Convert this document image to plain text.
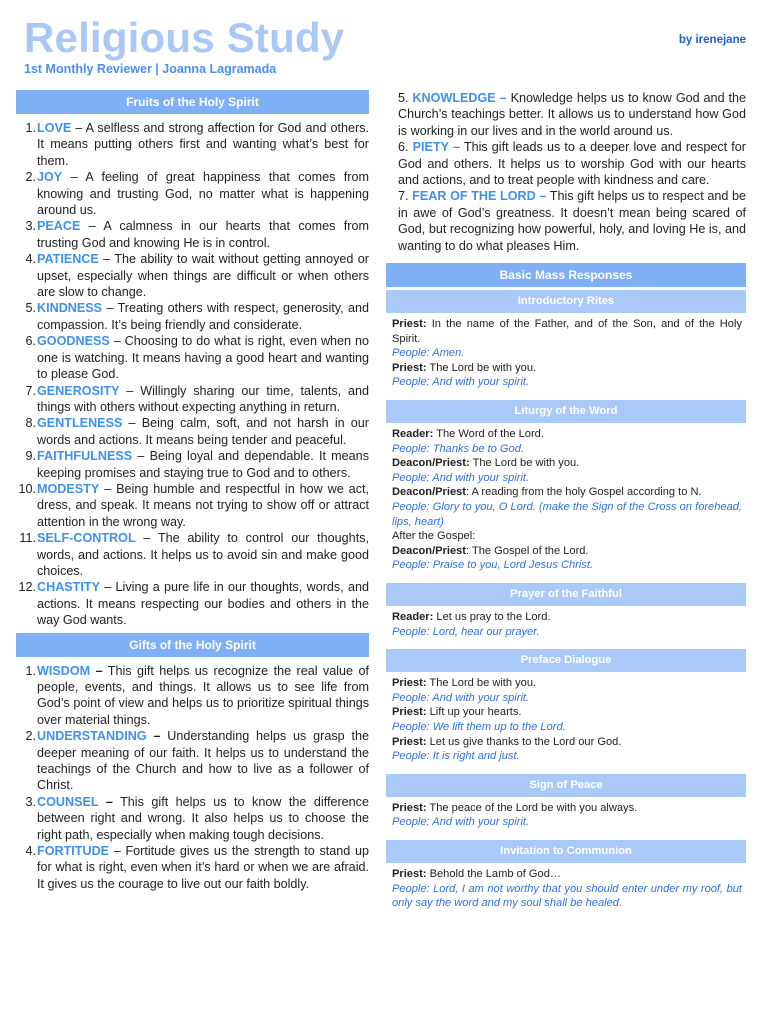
Religious Study
1st Monthly Reviewer | Joanna Lagramada
by irenejane
Fruits of the Holy Spirit
1. LOVE – A selfless and strong affection for God and others. It means putting others first and wanting what’s best for them.
2. JOY – A feeling of great happiness that comes from knowing and trusting God, no matter what is happening around us.
3. PEACE – A calmness in our hearts that comes from trusting God and knowing He is in control.
4. PATIENCE – The ability to wait without getting annoyed or upset, especially when things are difficult or when others are slow to change.
5. KINDNESS – Treating others with respect, generosity, and compassion. It’s being friendly and considerate.
6. GOODNESS – Choosing to do what is right, even when no one is watching. It means having a good heart and wanting to please God.
7. GENEROSITY – Willingly sharing our time, talents, and things with others without expecting anything in return.
8. GENTLENESS – Being calm, soft, and not harsh in our words and actions. It means being tender and peaceful.
9. FAITHFULNESS – Being loyal and dependable. It means keeping promises and staying true to God and to others.
10. MODESTY – Being humble and respectful in how we act, dress, and speak. It means not trying to show off or attract attention in the wrong way.
11. SELF-CONTROL – The ability to control our thoughts, words, and actions. It helps us to avoid sin and make good choices.
12. CHASTITY – Living a pure life in our thoughts, words, and actions. It means respecting our bodies and others in the way God wants.
Gifts of the Holy Spirit
1. WISDOM – This gift helps us recognize the real value of people, events, and things. It allows us to see life from God’s point of view and helps us to prioritize spiritual things over material things.
2. UNDERSTANDING – Understanding helps us grasp the deeper meaning of our faith. It helps us to understand the teachings of the Church and how to live as a follower of Christ.
3. COUNSEL – This gift helps us to know the difference between right and wrong. It also helps us to choose the right path, especially when making tough decisions.
4. FORTITUDE – Fortitude gives us the strength to stand up for what is right, even when it’s hard or when we are afraid. It gives us the courage to live out our faith boldly.

5. KNOWLEDGE – Knowledge helps us to know God and the Church’s teachings better. It allows us to understand how God is working in our lives and in the world around us.

6. PIETY – This gift leads us to a deeper love and respect for God and others. It helps us to worship God with our hearts and actions, and to treat people with kindness and care.

7. FEAR OF THE LORD – This gift helps us to respect and be in awe of God’s greatness. It doesn’t mean being scared of God, but recognizing how powerful, holy, and loving He is, and wanting to do what pleases Him.

Basic Mass Responses
Introductory Rites
Priest: In the name of the Father, and of the Son, and of the Holy Spirit.
People: Amen.
Priest: The Lord be with you.
People: And with your spirit.
Liturgy of the Word
Reader: The Word of the Lord.
People: Thanks be to God.
Deacon/Priest: The Lord be with you.
People: And with your spirit.
Deacon/Priest: A reading from the holy Gospel according to N.
People: Glory to you, O Lord. (make the Sign of the Cross on forehead, lips, heart)
After the Gospel:
Deacon/Priest: The Gospel of the Lord.
People: Praise to you, Lord Jesus Christ.
Prayer of the Faithful
Reader: Let us pray to the Lord.
People: Lord, hear our prayer.
Preface Dialogue
Priest: The Lord be with you.
People: And with your spirit.
Priest: Lift up your hearts.
People: We lift them up to the Lord.
Priest: Let us give thanks to the Lord our God.
People: It is right and just.
Sign of Peace
Priest: The peace of the Lord be with you always.
People: And with your spirit.
Invitation to Communion
Priest: Behold the Lamb of God…
People: Lord, I am not worthy that you should enter under my roof, but only say the word and my soul shall be healed.
